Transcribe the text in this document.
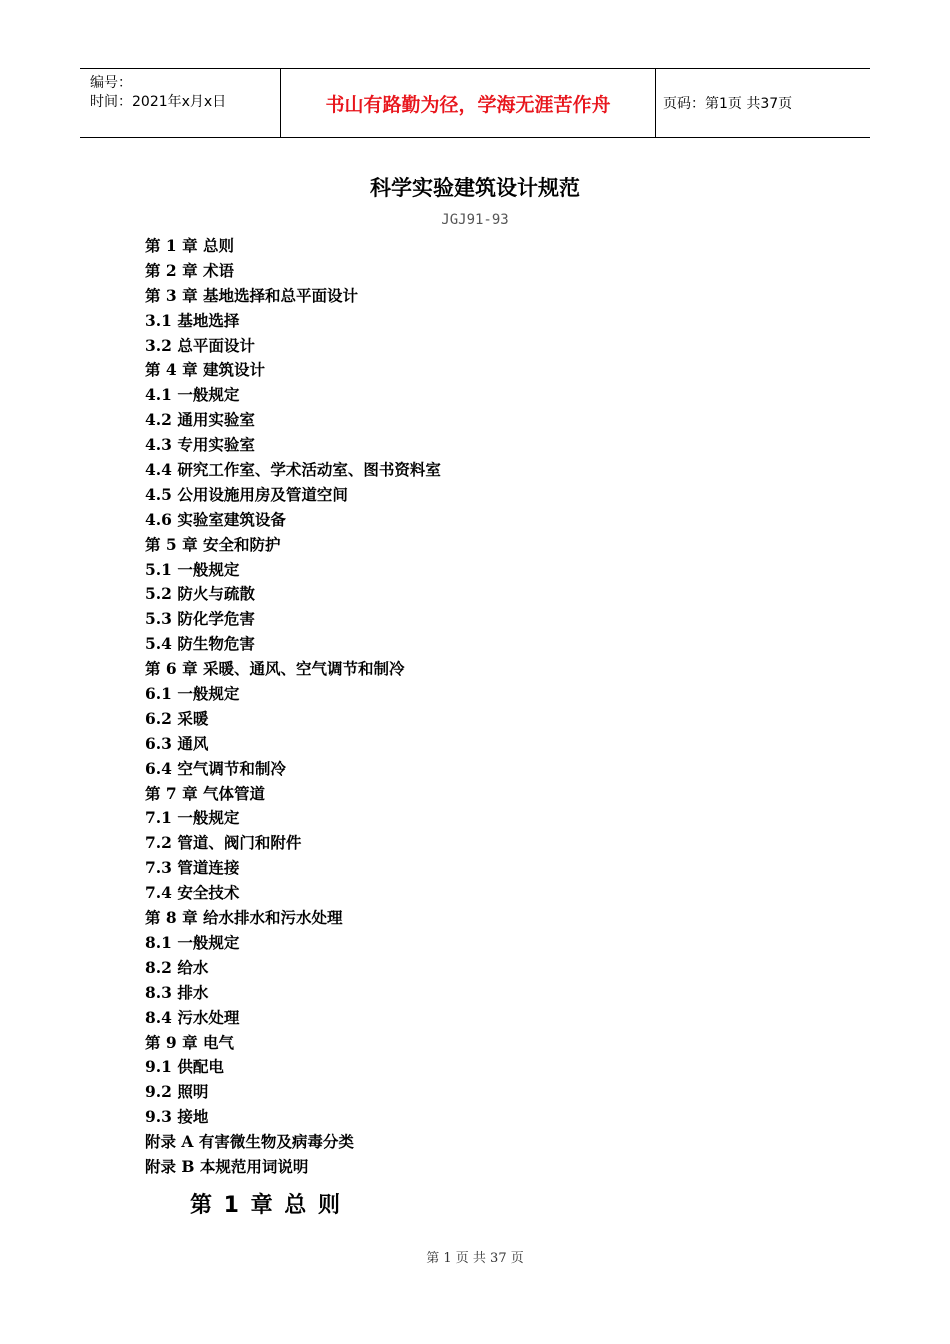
编号：
时间：2021年x月x日	书山有路勤为径，学海无涯苦作舟	页码：第1页 共37页
科学实验建筑设计规范
JGJ91-93
第 1 章 总则
第 2 章 术语
第 3 章 基地选择和总平面设计
3.1 基地选择
3.2 总平面设计
第 4 章 建筑设计
4.1 一般规定
4.2 通用实验室
4.3 专用实验室
4.4 研究工作室、学术活动室、图书资料室
4.5 公用设施用房及管道空间
4.6 实验室建筑设备
第 5 章 安全和防护
5.1 一般规定
5.2 防火与疏散
5.3 防化学危害
5.4 防生物危害
第 6 章 采暖、通风、空气调节和制冷
6.1 一般规定
6.2 采暖
6.3 通风
6.4 空气调节和制冷
第 7 章 气体管道
7.1 一般规定
7.2 管道、阀门和附件
7.3 管道连接
7.4 安全技术
第 8 章 给水排水和污水处理
8.1 一般规定
8.2 给水
8.3 排水
8.4 污水处理
第 9 章 电气
9.1 供配电
9.2 照明
9.3 接地
附录 A 有害微生物及病毒分类
附录 B 本规范用词说明
第 1 章 总 则
第 1 页 共 37 页
